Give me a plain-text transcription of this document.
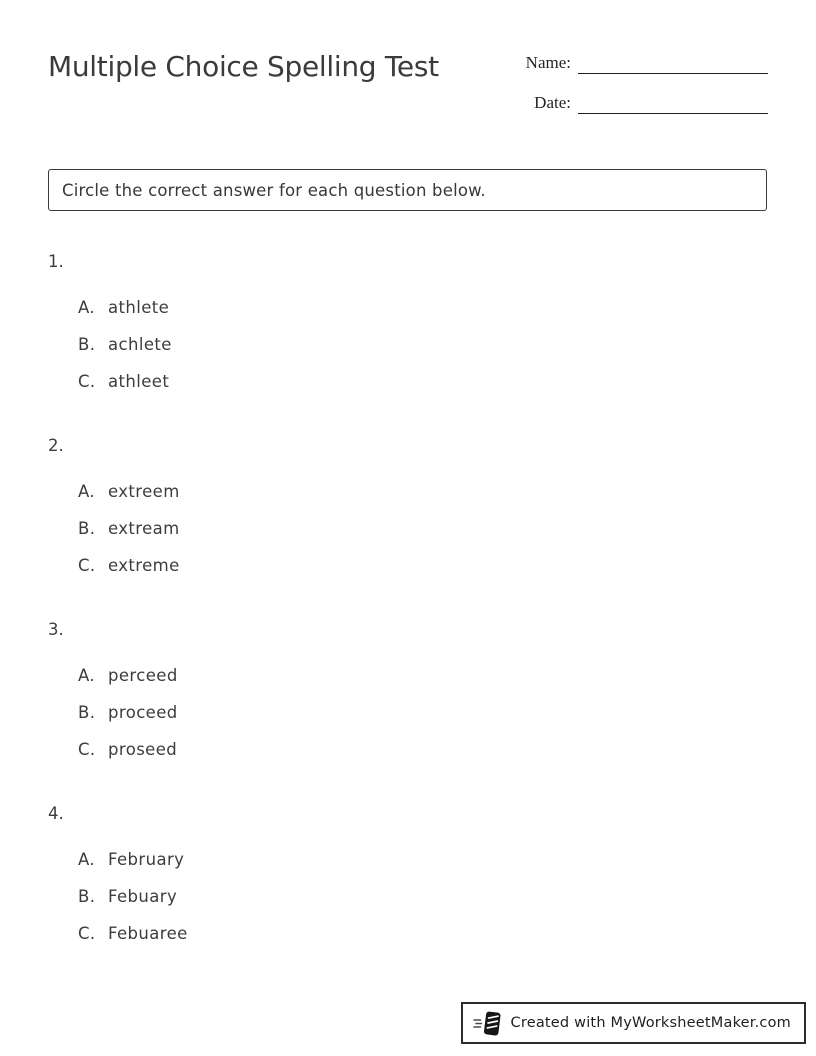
Multiple Choice Spelling Test	Name:
Date:
Circle the correct answer for each question below.
1.
A. athlete
B. achlete
C. athleet
2.
A. extreem
B. extream
C. extreme
3.
A. perceed
B. proceed
C. proseed
4.
A. February
B. Febuary
C. Febuaree
Created with MyWorksheetMaker.com
